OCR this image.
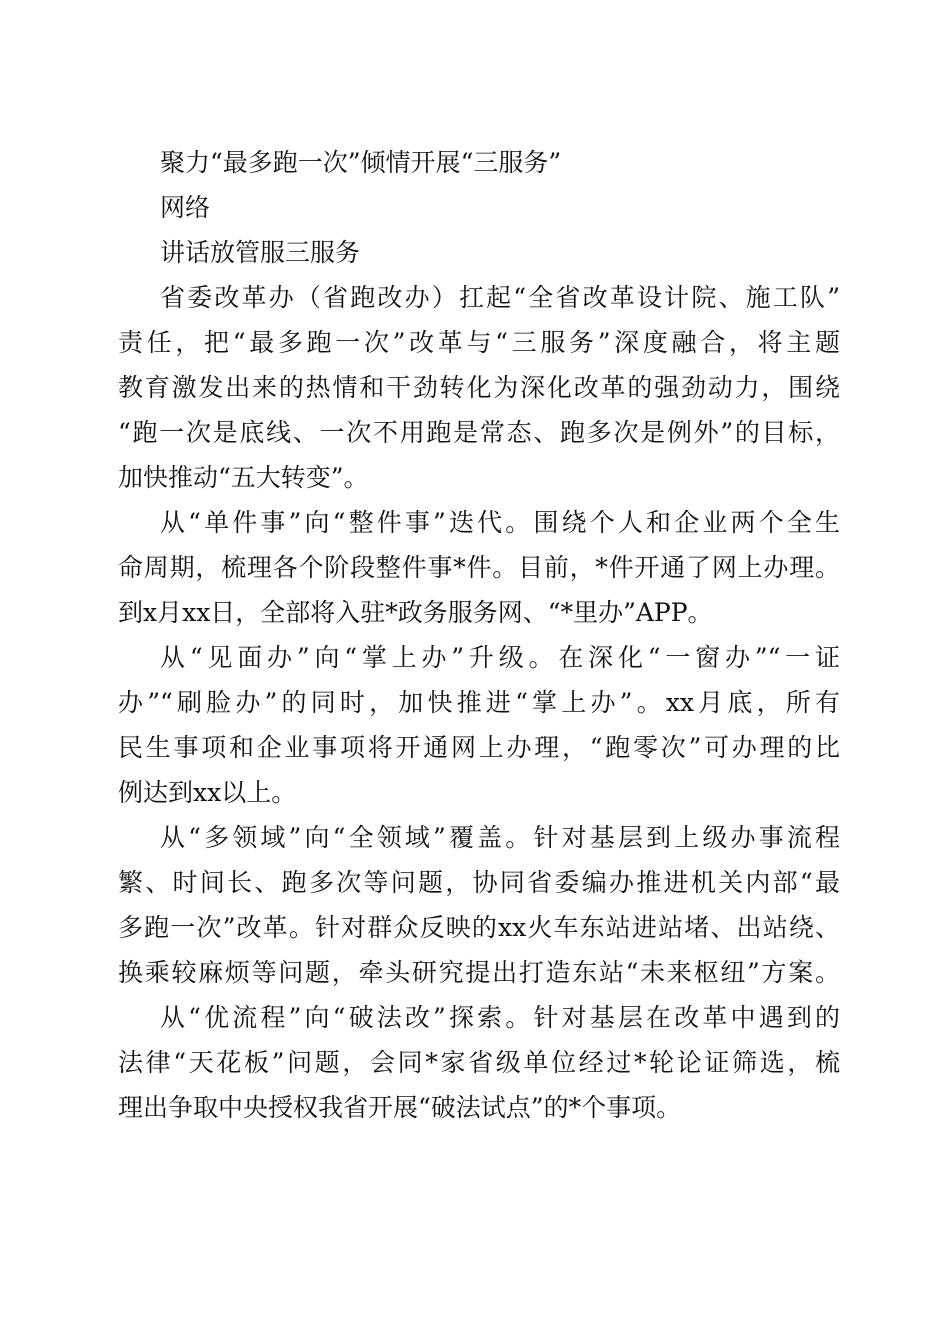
聚力“最多跑一次”倾情开展“三服务”
网络
讲话放管服三服务
省委改革办（省跑改办）扛起“全省改革设计院、施工队”
责任，把“最多跑一次”改革与“三服务”深度融合，将主题
教育激发出来的热情和干劲转化为深化改革的强劲动力，围绕
“跑一次是底线、一次不用跑是常态、跑多次是例外”的目标，
加快推动“五大转变”。
从“单件事”向“整件事”迭代。围绕个人和企业两个全生
命周期，梳理各个阶段整件事*件。目前，*件开通了网上办理。
到x月xx日，全部将入驻*政务服务网、“*里办”APP。
从“见面办”向“掌上办”升级。在深化“一窗办”“一证
办”“刷脸办”的同时，加快推进“掌上办”。xx月底，所有
民生事项和企业事项将开通网上办理，“跑零次”可办理的比
例达到xx以上。
从“多领域”向“全领域”覆盖。针对基层到上级办事流程
繁、时间长、跑多次等问题，协同省委编办推进机关内部“最
多跑一次”改革。针对群众反映的xx火车东站进站堵、出站绕、
换乘较麻烦等问题，牵头研究提出打造东站“未来枢纽”方案。
从“优流程”向“破法改”探索。针对基层在改革中遇到的
法律“天花板”问题，会同*家省级单位经过*轮论证筛选，梳
理出争取中央授权我省开展“破法试点”的*个事项。
